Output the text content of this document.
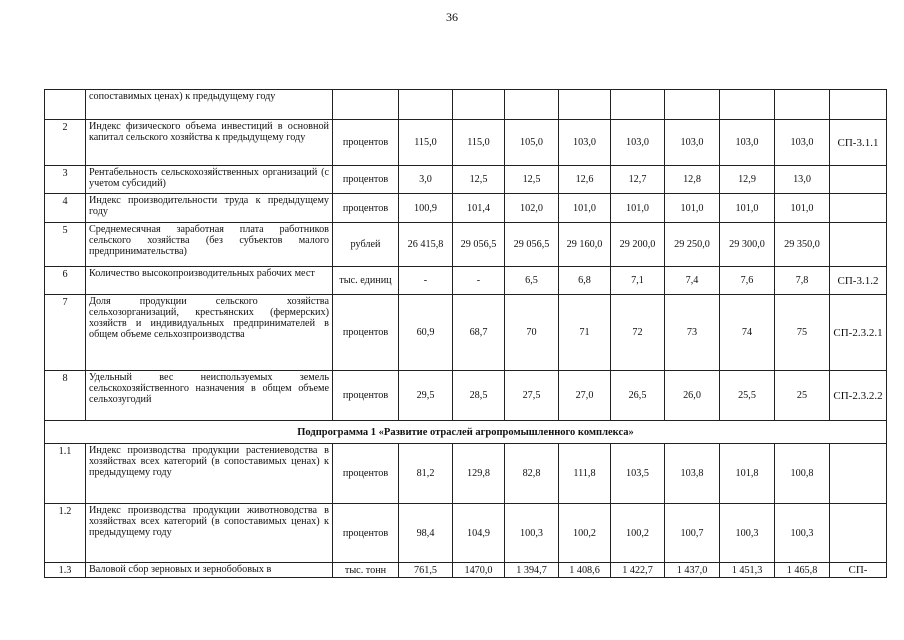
36
	сопоставимых ценах) к предыдущему году										
2	Индекс физического объема инвестиций в основной капитал сельского хозяйства к предыдущему году	процентов	115,0	115,0	105,0	103,0	103,0	103,0	103,0	103,0	СП-3.1.1
3	Рентабельность сельскохозяйственных организаций (с учетом субсидий)	процентов	3,0	12,5	12,5	12,6	12,7	12,8	12,9	13,0	
4	Индекс производительности труда к предыдущему году	процентов	100,9	101,4	102,0	101,0	101,0	101,0	101,0	101,0	
5	Среднемесячная заработная плата работников сельского хозяйства (без субъектов малого предпринимательства)	рублей	26 415,8	29 056,5	29 056,5	29 160,0	29 200,0	29 250,0	29 300,0	29 350,0	
6	Количество высокопроизводительных рабочих мест	тыс. единиц	-	-	6,5	6,8	7,1	7,4	7,6	7,8	СП-3.1.2
7	Доля продукции сельского хозяйства сельхозорганизаций, крестьянских (фермерских) хозяйств и индивидуальных предпринимателей в общем объеме сельхозпроизводства	процентов	60,9	68,7	70	71	72	73	74	75	СП-2.3.2.1
8	Удельный вес неиспользуемых земель сельскохозяйственного назначения в общем объеме сельхозугодий	процентов	29,5	28,5	27,5	27,0	26,5	26,0	25,5	25	СП-2.3.2.2
Подпрограмма 1 «Развитие отраслей агропромышленного комплекса»											
1.1	Индекс производства продукции растениеводства в хозяйствах всех категорий (в сопоставимых ценах) к предыдущему году	процентов	81,2	129,8	82,8	111,8	103,5	103,8	101,8	100,8	
1.2	Индекс производства продукции животноводства в хозяйствах всех категорий (в сопоставимых ценах) к предыдущему году	процентов	98,4	104,9	100,3	100,2	100,2	100,7	100,3	100,3	
1.3	Валовой сбор зерновых и зернобобовых в	тыс. тонн	761,5	1470,0	1 394,7	1 408,6	1 422,7	1 437,0	1 451,3	1 465,8	СП-
